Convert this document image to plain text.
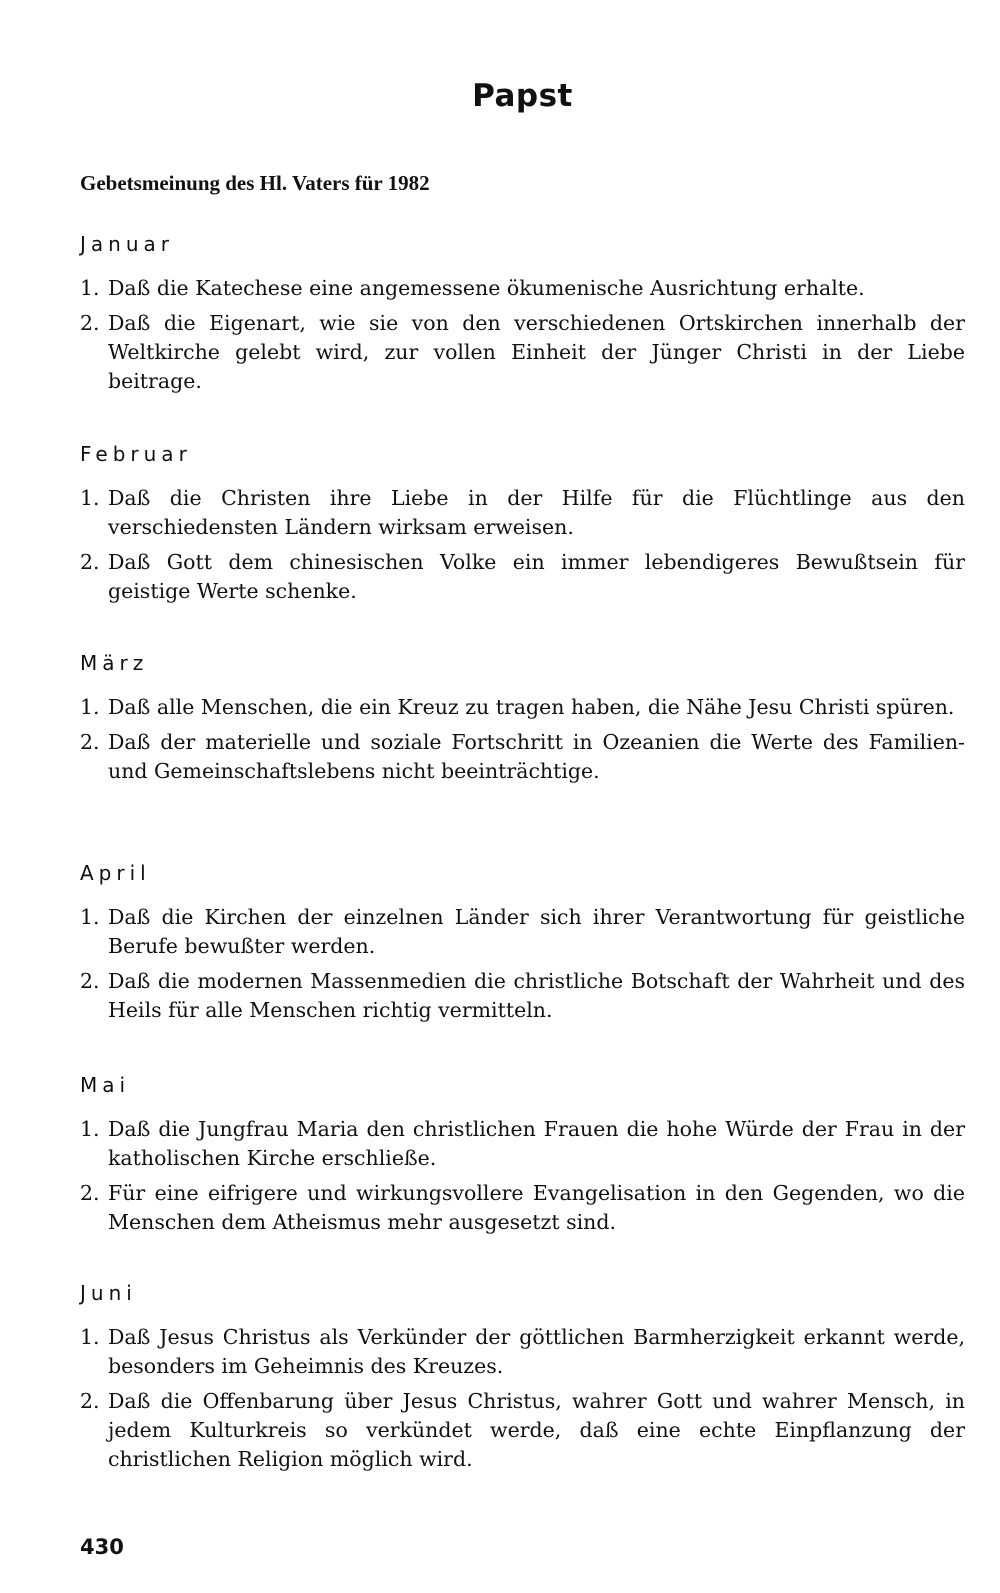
Papst
Gebetsmeinung des Hl. Vaters für 1982
Januar
1. Daß die Katechese eine angemessene ökumenische Ausrichtung erhalte.
2. Daß die Eigenart, wie sie von den verschiedenen Ortskirchen innerhalb der Weltkirche gelebt wird, zur vollen Einheit der Jünger Christi in der Liebe beitrage.
Februar
1. Daß die Christen ihre Liebe in der Hilfe für die Flüchtlinge aus den verschiedensten Ländern wirksam erweisen.
2. Daß Gott dem chinesischen Volke ein immer lebendigeres Bewußtsein für geistige Werte schenke.
März
1. Daß alle Menschen, die ein Kreuz zu tragen haben, die Nähe Jesu Christi spüren.
2. Daß der materielle und soziale Fortschritt in Ozeanien die Werte des Familien- und Gemeinschaftslebens nicht beeinträchtige.
April
1. Daß die Kirchen der einzelnen Länder sich ihrer Verantwortung für geistliche Berufe bewußter werden.
2. Daß die modernen Massenmedien die christliche Botschaft der Wahrheit und des Heils für alle Menschen richtig vermitteln.
Mai
1. Daß die Jungfrau Maria den christlichen Frauen die hohe Würde der Frau in der katholischen Kirche erschließe.
2. Für eine eifrigere und wirkungsvollere Evangelisation in den Gegenden, wo die Menschen dem Atheismus mehr ausgesetzt sind.
Juni
1. Daß Jesus Christus als Verkünder der göttlichen Barmherzigkeit erkannt werde, besonders im Geheimnis des Kreuzes.
2. Daß die Offenbarung über Jesus Christus, wahrer Gott und wahrer Mensch, in jedem Kulturkreis so verkündet werde, daß eine echte Einpflanzung der christlichen Religion möglich wird.
430
